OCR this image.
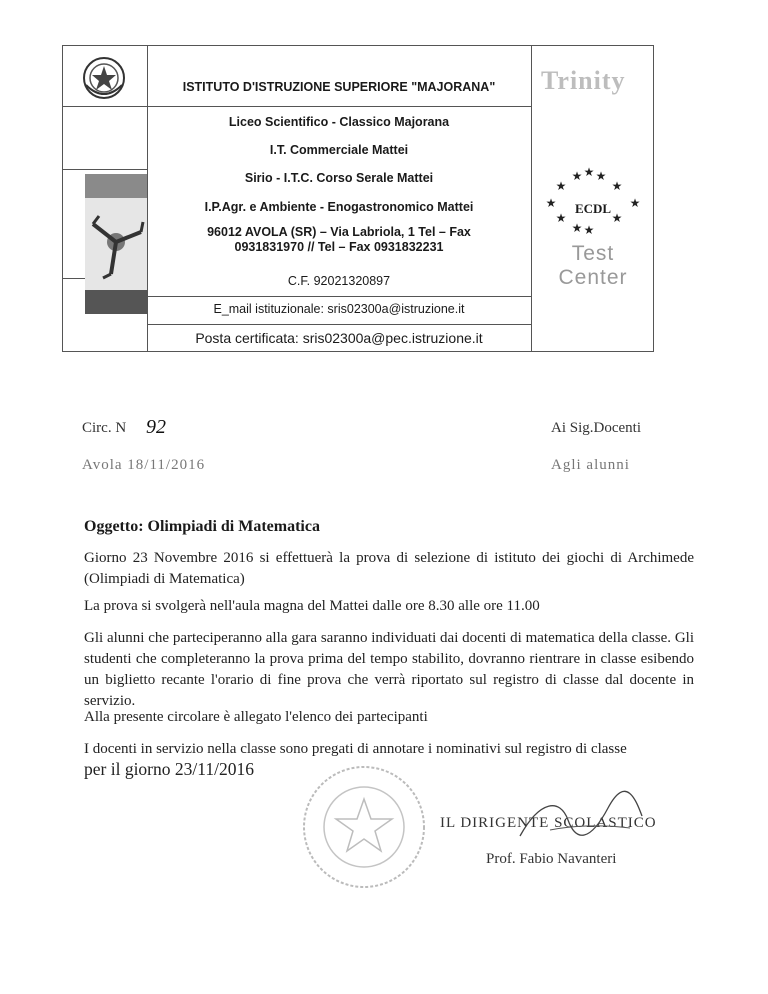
ISTITUTO D'ISTRUZIONE SUPERIORE "MAJORANA"
Liceo Scientifico - Classico Majorana
I.T. Commerciale Mattei
Sirio - I.T.C. Corso Serale Mattei
I.P.Agr. e Ambiente - Enogastronomico Mattei
96012 AVOLA (SR) – Via Labriola, 1 Tel – Fax
0931831970 // Tel – Fax 0931832231
C.F. 92021320897
E_mail istituzionale: sris02300a@istruzione.it
Posta certificata: sris02300a@pec.istruzione.it
Trinity
★ ★ ★
★	★
★	★
★	★
★ ★
ECDL
Test Center
Circ. N 92
Avola 18/11/2016
Ai Sig.Docenti
Agli alunni
Oggetto: Olimpiadi di Matematica
Giorno 23 Novembre 2016 si effettuerà la prova di selezione di istituto dei giochi di Archimede (Olimpiadi di Matematica)
La prova si svolgerà nell'aula magna del Mattei dalle ore 8.30 alle ore 11.00
Gli alunni che parteciperanno alla gara saranno individuati dai docenti di matematica della classe. Gli studenti che completeranno la prova prima del tempo stabilito, dovranno rientrare in classe esibendo un biglietto recante l'orario di fine prova che verrà riportato sul registro di classe dal docente in servizio.
Alla presente circolare è allegato l'elenco dei partecipanti
I docenti in servizio nella classe sono pregati di annotare i nominativi sul registro di classe
per il giorno 23/11/2016
IL DIRIGENTE SCOLASTICO
Prof. Fabio Navanteri
